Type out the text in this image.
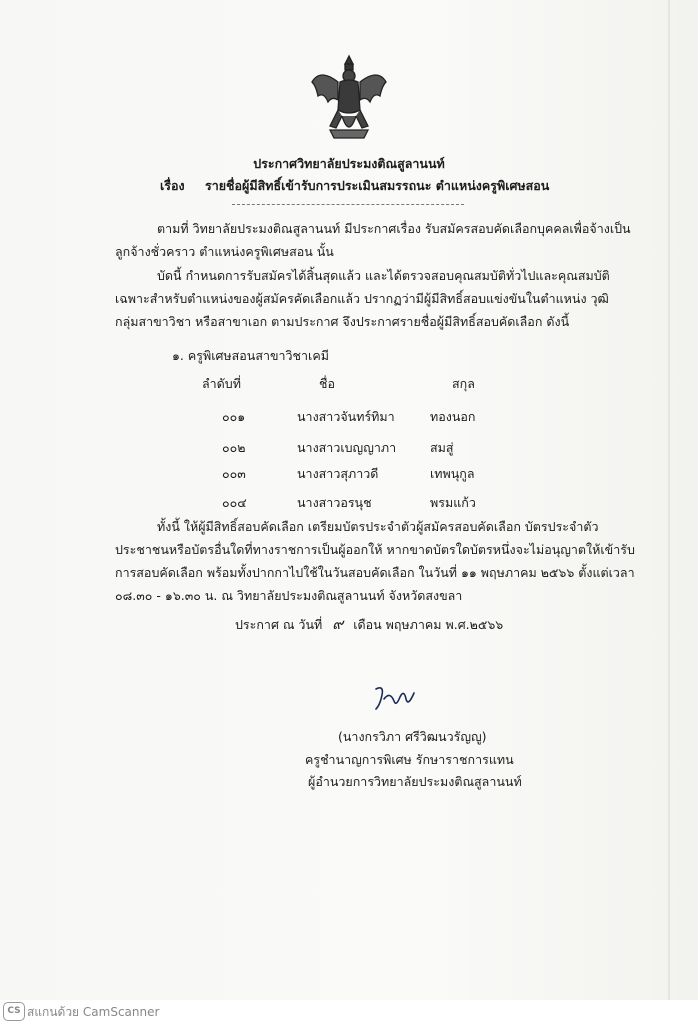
ประกาศวิทยาลัยประมงติณสูลานนท์
เรื่อง รายชื่อผู้มีสิทธิ์เข้ารับการประเมินสมรรถนะ ตำแหน่งครูพิเศษสอน
ตามที่ วิทยาลัยประมงติณสูลานนท์ มีประกาศเรื่อง รับสมัครสอบคัดเลือกบุคคลเพื่อจ้างเป็นลูกจ้างชั่วคราว ตำแหน่งครูพิเศษสอน นั้น
บัดนี้ กำหนดการรับสมัครได้สิ้นสุดแล้ว และได้ตรวจสอบคุณสมบัติทั่วไปและคุณสมบัติเฉพาะสำหรับตำแหน่งของผู้สมัครคัดเลือกแล้ว ปรากฏว่ามีผู้มีสิทธิ์สอบแข่งขันในตำแหน่ง วุฒิ กลุ่มสาขาวิชา หรือสาขาเอก ตามประกาศ จึงประกาศรายชื่อผู้มีสิทธิ์สอบคัดเลือก ดังนี้
๑. ครูพิเศษสอนสาขาวิชาเคมี
ลำดับที่	ชื่อ	สกุล
๐๐๑	นางสาวจันทร์ทิมา	ทองนอก
๐๐๒	นางสาวเบญญาภา	สมสู่
๐๐๓	นางสาวสุภาวดี	เทพนุกูล
๐๐๔	นางสาวอรนุช	พรมแก้ว
ทั้งนี้ ให้ผู้มีสิทธิ์สอบคัดเลือก เตรียมบัตรประจำตัวผู้สมัครสอบคัดเลือก บัตรประจำตัวประชาชนหรือบัตรอื่นใดที่ทางราชการเป็นผู้ออกให้ หากขาดบัตรใดบัตรหนึ่งจะไม่อนุญาตให้เข้ารับการสอบคัดเลือก พร้อมทั้งปากกาไปใช้ในวันสอบคัดเลือก ในวันที่ ๑๑ พฤษภาคม ๒๕๖๖ ตั้งแต่เวลา ๐๘.๓๐ - ๑๖.๓๐ น. ณ วิทยาลัยประมงติณสูลานนท์ จังหวัดสงขลา
ประกาศ ณ วันที่ ๙ เดือน พฤษภาคม พ.ศ.๒๕๖๖
(นางกรวิภา ศรีวิฒนวรัญญู)
ครูชำนาญการพิเศษ รักษาราชการแทน
ผู้อำนวยการวิทยาลัยประมงติณสูลานนท์
CS สแกนด้วย CamScanner
